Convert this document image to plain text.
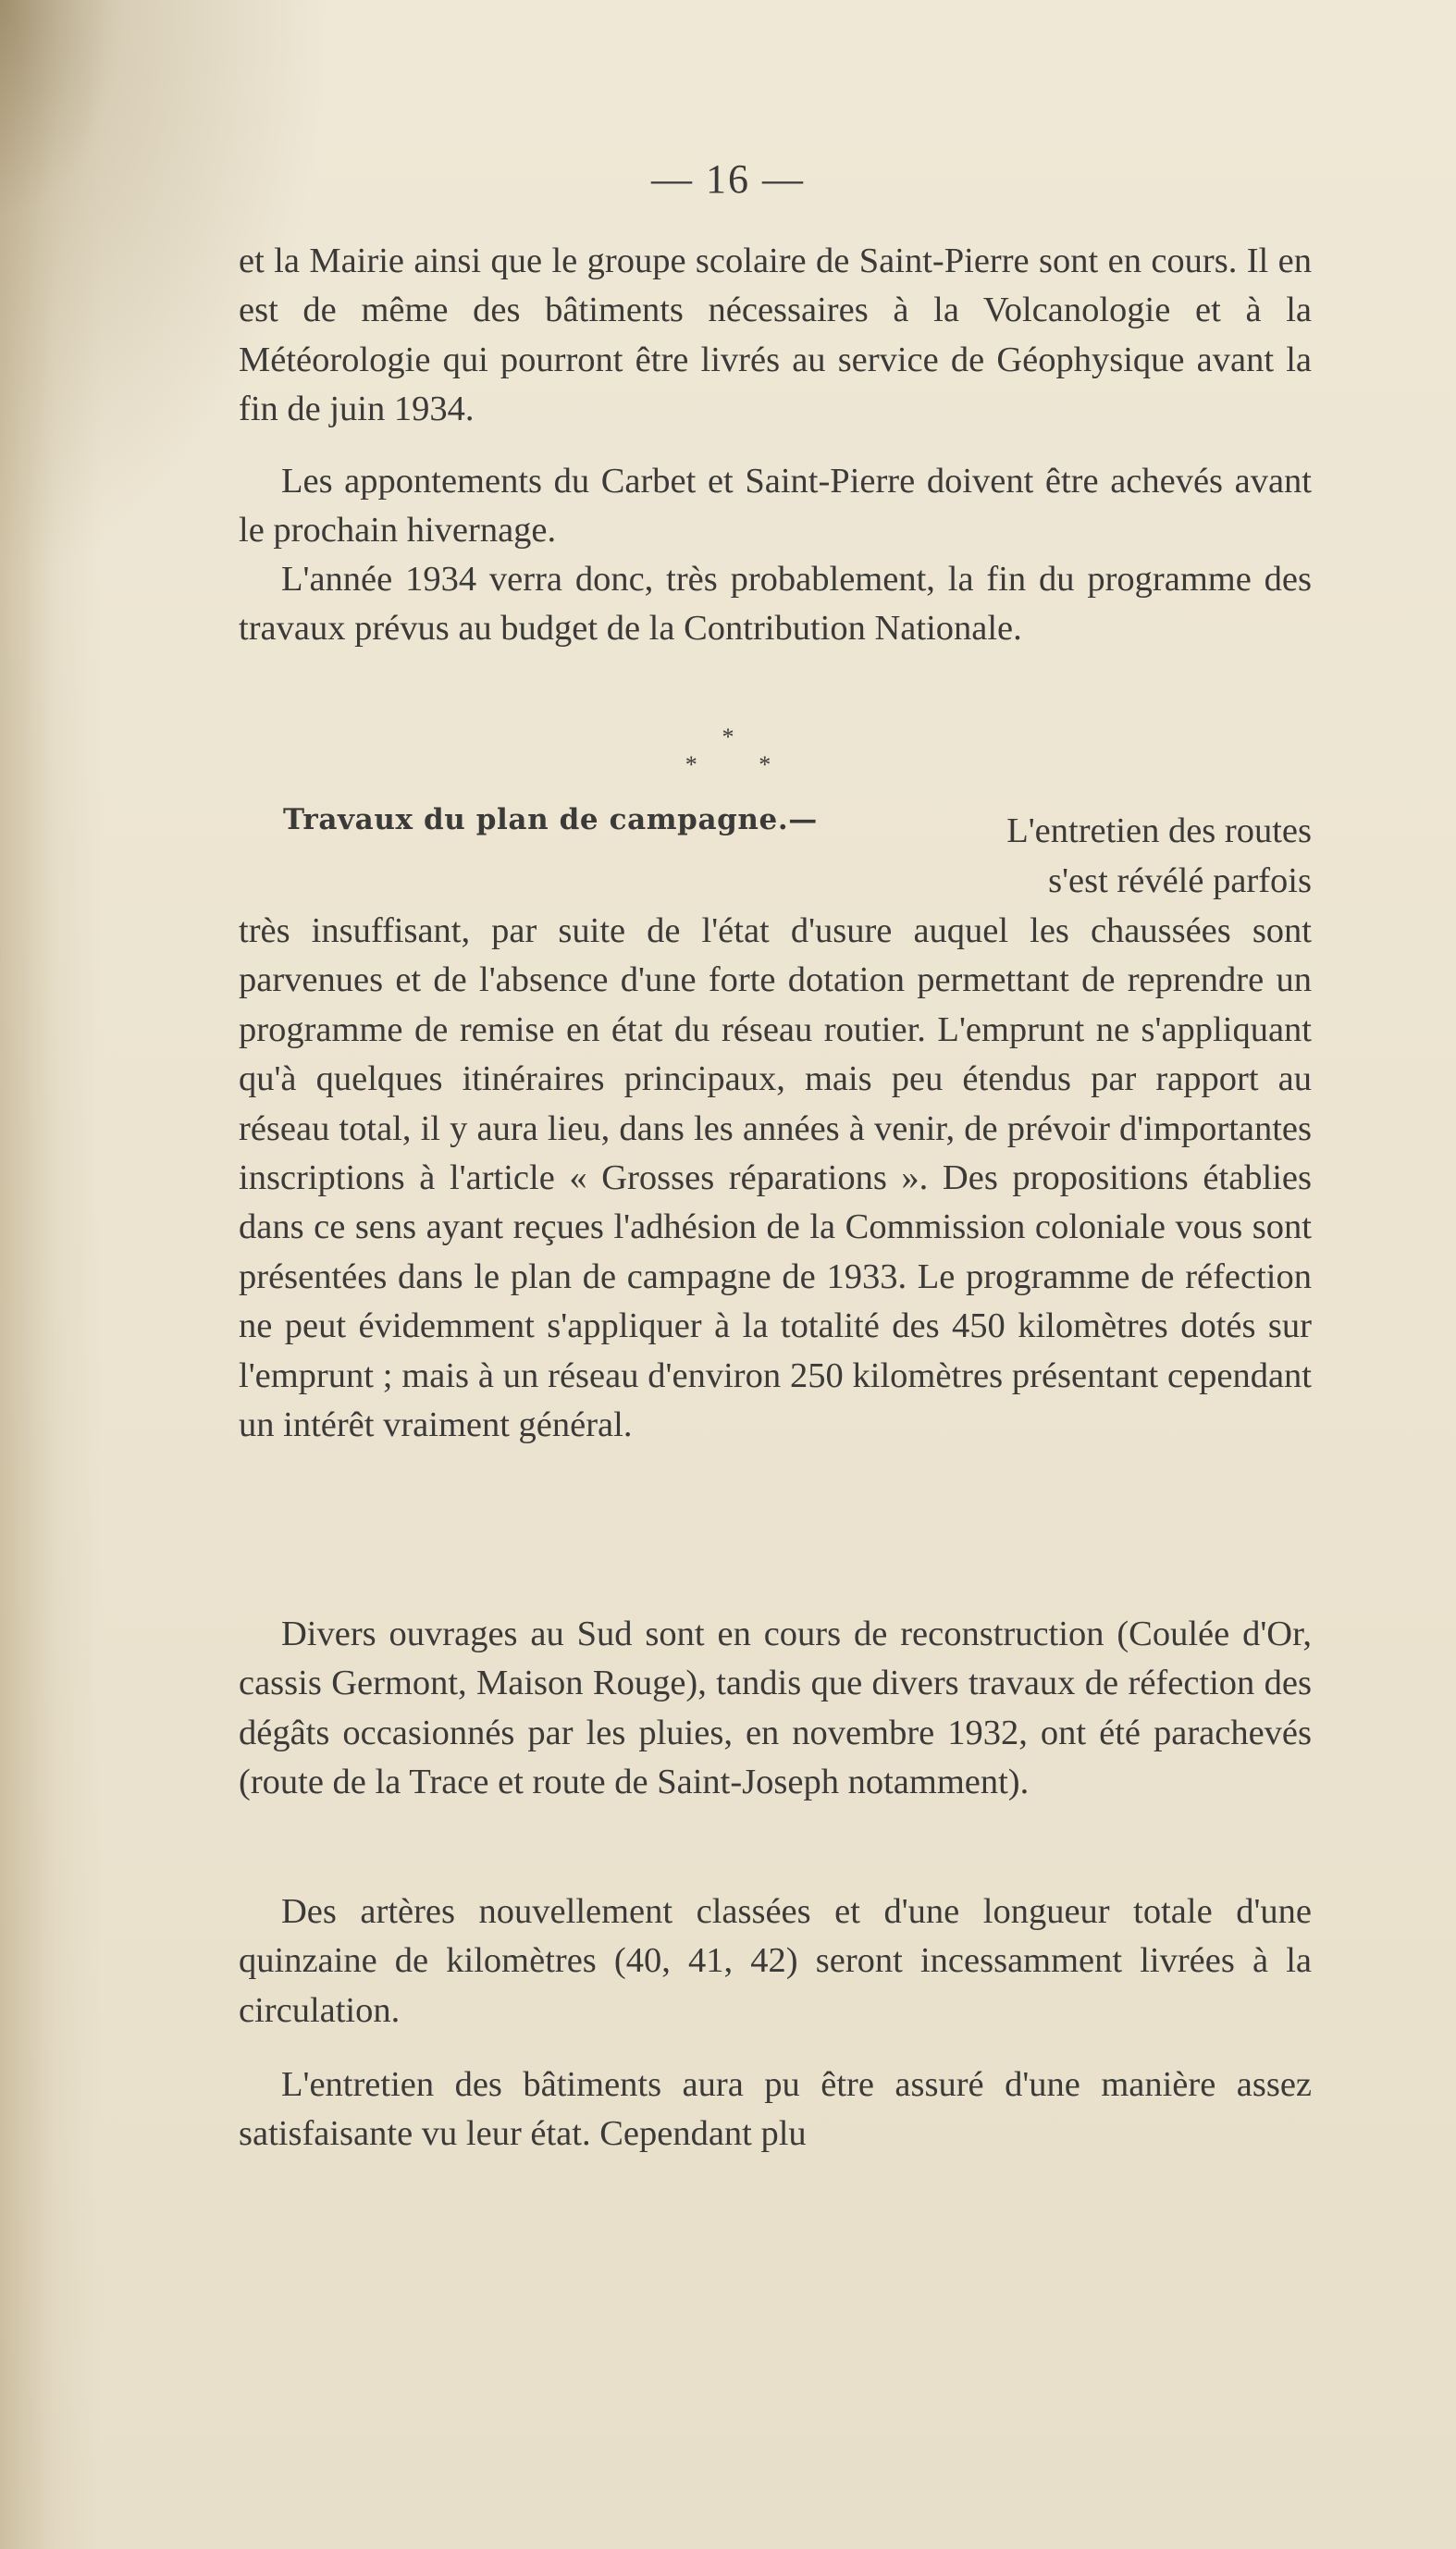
— 16 —

et la Mairie ainsi que le groupe scolaire de Saint-Pierre sont en cours. Il en est de même des bâtiments nécessaires à la Volcanologie et à la Météorologie qui pourront être livrés au service de Géophysique avant la fin de juin 1934.

Les appontements du Carbet et Saint-Pierre doivent être achevés avant le prochain hivernage.

L'année 1934 verra donc, très probablement, la fin du programme des travaux prévus au budget de la Contribution Nationale.

*
* *
Travaux du plan de campagne.—	L'entretien des routes
s'est révélé parfois

très insuffisant, par suite de l'état d'usure auquel les chaussées sont parvenues et de l'absence d'une forte dotation permettant de reprendre un programme de remise en état du réseau routier. L'emprunt ne s'appliquant qu'à quelques itinéraires principaux, mais peu étendus par rapport au réseau total, il y aura lieu, dans les années à venir, de prévoir d'importantes inscriptions à l'article « Grosses réparations ». Des propositions établies dans ce sens ayant reçues l'adhésion de la Commission coloniale vous sont présentées dans le plan de campagne de 1933. Le programme de réfection ne peut évidemment s'appliquer à la totalité des 450 kilomètres dotés sur l'emprunt ; mais à un réseau d'environ 250 kilomètres présentant cependant un intérêt vraiment général.

Divers ouvrages au Sud sont en cours de reconstruction (Coulée d'Or, cassis Germont, Maison Rouge), tandis que divers travaux de réfection des dégâts occasionnés par les pluies, en novembre 1932, ont été parachevés (route de la Trace et route de Saint-Joseph notamment).

Des artères nouvellement classées et d'une longueur totale d'une quinzaine de kilomètres (40, 41, 42) seront incessamment livrées à la circulation.

L'entretien des bâtiments aura pu être assuré d'une manière assez satisfaisante vu leur état. Cependant plu
